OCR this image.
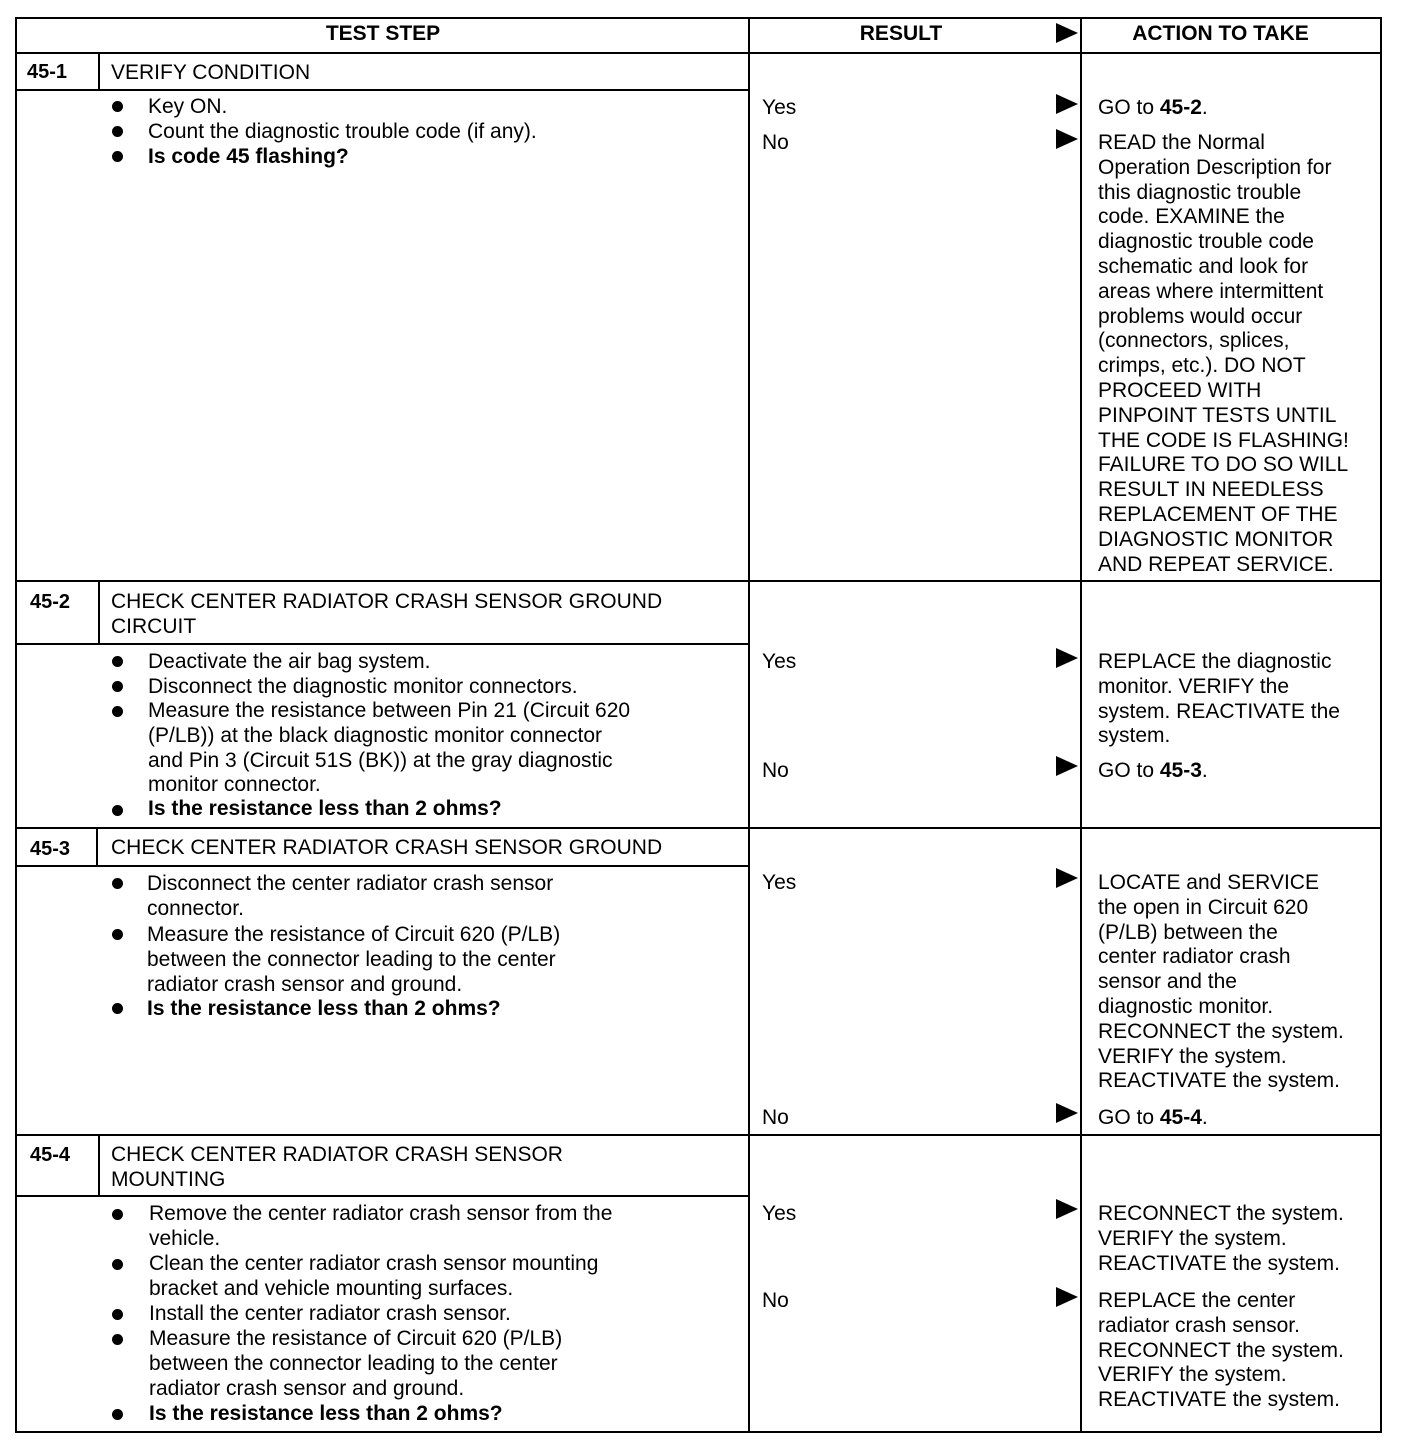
TEST STEP	RESULT	ACTION TO TAKE
45-1 VERIFY CONDITION
Key ON.
Count the diagnostic trouble code (if any).
Is code 45 flashing?
Yes	GO to 45-2.
No	READ the Normal
Operation Description for
this diagnostic trouble
code. EXAMINE the
diagnostic trouble code
schematic and look for
areas where intermittent
problems would occur
(connectors, splices,
crimps, etc.). DO NOT
PROCEED WITH
PINPOINT TESTS UNTIL
THE CODE IS FLASHING!
FAILURE TO DO SO WILL
RESULT IN NEEDLESS
REPLACEMENT OF THE
DIAGNOSTIC MONITOR
AND REPEAT SERVICE.
45-2 CHECK CENTER RADIATOR CRASH SENSOR GROUND
CIRCUIT
Deactivate the air bag system.
Disconnect the diagnostic monitor connectors.
Measure the resistance between Pin 21 (Circuit 620
(P/LB)) at the black diagnostic monitor connector
and Pin 3 (Circuit 51S (BK)) at the gray diagnostic
monitor connector.
Is the resistance less than 2 ohms?
Yes	REPLACE the diagnostic
monitor. VERIFY the
system. REACTIVATE the
system.
No	GO to 45-3.
45-3 CHECK CENTER RADIATOR CRASH SENSOR GROUND
Disconnect the center radiator crash sensor
connector.
Measure the resistance of Circuit 620 (P/LB)
between the connector leading to the center
radiator crash sensor and ground.
Is the resistance less than 2 ohms?
Yes	LOCATE and SERVICE
the open in Circuit 620
(P/LB) between the
center radiator crash
sensor and the
diagnostic monitor.
RECONNECT the system.
VERIFY the system.
REACTIVATE the system.
No	GO to 45-4.
45-4 CHECK CENTER RADIATOR CRASH SENSOR
MOUNTING
Remove the center radiator crash sensor from the
vehicle.
Clean the center radiator crash sensor mounting
bracket and vehicle mounting surfaces.
Install the center radiator crash sensor.
Measure the resistance of Circuit 620 (P/LB)
between the connector leading to the center
radiator crash sensor and ground.
Is the resistance less than 2 ohms?
Yes	RECONNECT the system.
VERIFY the system.
REACTIVATE the system.
No	REPLACE the center
radiator crash sensor.
RECONNECT the system.
VERIFY the system.
REACTIVATE the system.
